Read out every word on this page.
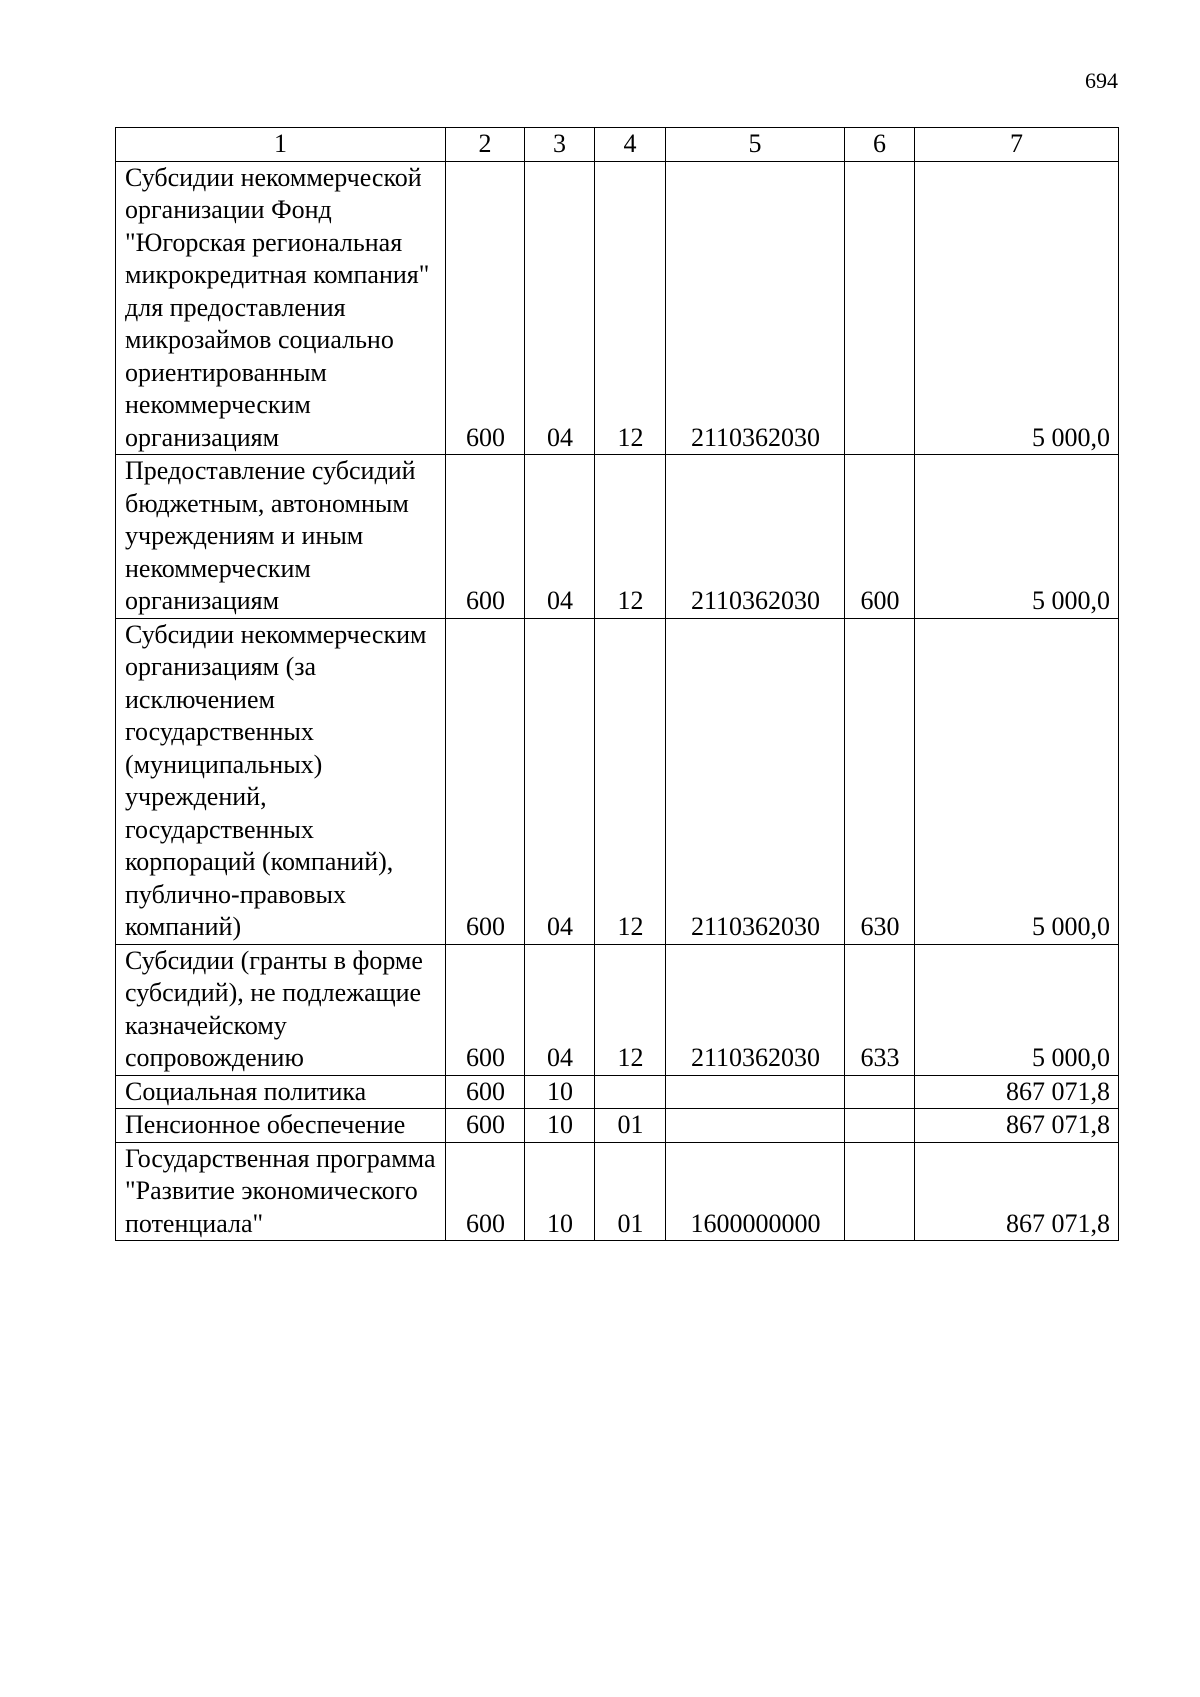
694
1	2	3	4	5	6	7
Субсидии некоммерческой организации Фонд "Югорская региональная микрокредитная компания" для предоставления микрозаймов социально ориентированным некоммерческим организациям	600	04	12	2110362030		5 000,0
Предоставление субсидий бюджетным, автономным учреждениям и иным некоммерческим организациям	600	04	12	2110362030	600	5 000,0
Субсидии некоммерческим организациям (за исключением государственных (муниципальных) учреждений, государственных корпораций (компаний), публично-правовых компаний)	600	04	12	2110362030	630	5 000,0
Субсидии (гранты в форме субсидий), не подлежащие казначейскому сопровождению	600	04	12	2110362030	633	5 000,0
Социальная политика	600	10				867 071,8
Пенсионное обеспечение	600	10	01			867 071,8
Государственная программа "Развитие экономического потенциала"	600	10	01	1600000000		867 071,8
